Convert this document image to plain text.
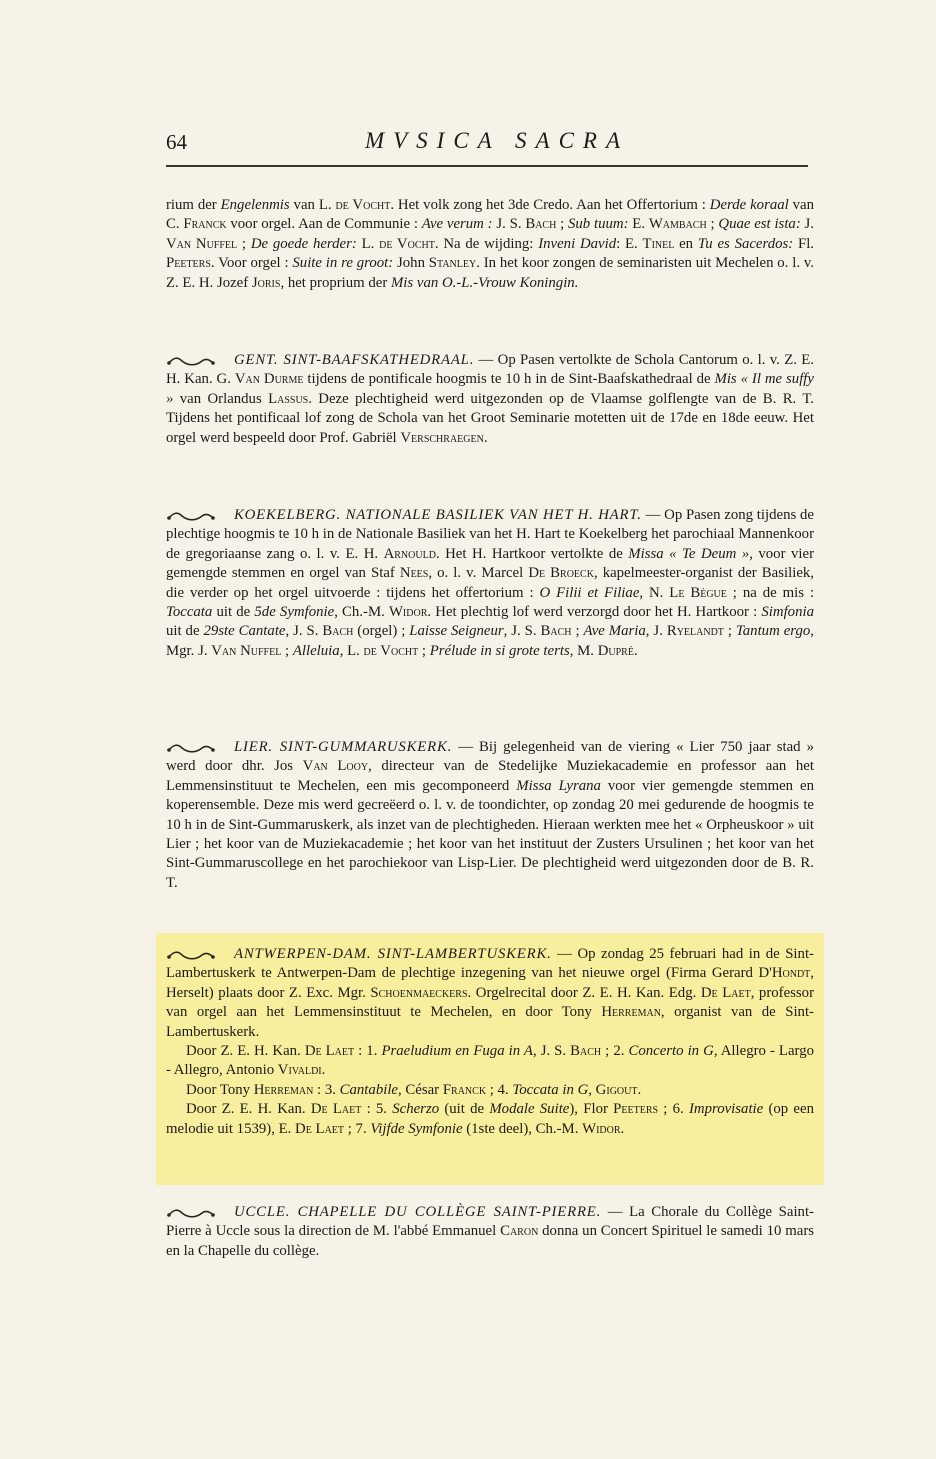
64	MVSICA SACRA

rium der Engelenmis van L. de Vocht. Het volk zong het 3de Credo. Aan het Offertorium : Derde koraal van C. Franck voor orgel. Aan de Communie : Ave verum : J. S. Bach ; Sub tuum: E. Wambach ; Quae est ista: J. Van Nuffel ; De goede herder: L. de Vocht. Na de wijding: Inveni David: E. Tinel en Tu es Sacerdos: Fl. Peeters. Voor orgel : Suite in re groot: John Stanley. In het koor zongen de seminaristen uit Mechelen o. l. v. Z. E. H. Jozef Joris, het proprium der Mis van O.-L.-Vrouw Koningin.

GENT. SINT-BAAFSKATHEDRAAL. — Op Pasen vertolkte de Schola Cantorum o. l. v. Z. E. H. Kan. G. Van Durme tijdens de pontificale hoogmis te 10 h in de Sint-Baafskathedraal de Mis « Il me suffy » van Orlandus Lassus. Deze plechtigheid werd uitgezonden op de Vlaamse golflengte van de B. R. T. Tijdens het pontificaal lof zong de Schola van het Groot Seminarie motetten uit de 17de en 18de eeuw. Het orgel werd bespeeld door Prof. Gabriël Verschraegen.

KOEKELBERG. NATIONALE BASILIEK VAN HET H. HART. — Op Pasen zong tijdens de plechtige hoogmis te 10 h in de Nationale Basiliek van het H. Hart te Koekelberg het parochiaal Mannenkoor de gregoriaanse zang o. l. v. E. H. Arnould. Het H. Hartkoor vertolkte de Missa « Te Deum », voor vier gemengde stemmen en orgel van Staf Nees, o. l. v. Marcel De Broeck, kapelmeester-organist der Basiliek, die verder op het orgel uitvoerde : tijdens het offertorium : O Filii et Filiae, N. Le Bègue ; na de mis : Toccata uit de 5de Symfonie, Ch.-M. Widor. Het plechtig lof werd verzorgd door het H. Hartkoor : Simfonia uit de 29ste Cantate, J. S. Bach (orgel) ; Laisse Seigneur, J. S. Bach ; Ave Maria, J. Ryelandt ; Tantum ergo, Mgr. J. Van Nuffel ; Alleluia, L. de Vocht ; Prélude in si grote terts, M. Dupré.

LIER. SINT-GUMMARUSKERK. — Bij gelegenheid van de viering « Lier 750 jaar stad » werd door dhr. Jos Van Looy, directeur van de Stedelijke Muziekacademie en professor aan het Lemmensinstituut te Mechelen, een mis gecomponeerd Missa Lyrana voor vier gemengde stemmen en koperensemble. Deze mis werd gecreëerd o. l. v. de toondichter, op zondag 20 mei gedurende de hoogmis te 10 h in de Sint-Gummaruskerk, als inzet van de plechtigheden. Hieraan werkten mee het « Orpheuskoor » uit Lier ; het koor van de Muziekacademie ; het koor van het instituut der Zusters Ursulinen ; het koor van het Sint-Gummaruscollege en het parochiekoor van Lisp-Lier. De plechtigheid werd uitgezonden door de B. R. T.

ANTWERPEN-DAM. SINT-LAMBERTUSKERK. — Op zondag 25 februari had in de Sint-Lambertuskerk te Antwerpen-Dam de plechtige inzegening van het nieuwe orgel (Firma Gerard D'Hondt, Herselt) plaats door Z. Exc. Mgr. Schoenmaeckers. Orgelrecital door Z. E. H. Kan. Edg. De Laet, professor van orgel aan het Lemmensinstituut te Mechelen, en door Tony Herreman, organist van de Sint-Lambertuskerk.

Door Z. E. H. Kan. De Laet : 1. Praeludium en Fuga in A, J. S. Bach ; 2. Concerto in G, Allegro - Largo - Allegro, Antonio Vivaldi.

Door Tony Herreman : 3. Cantabile, César Franck ; 4. Toccata in G, Gigout.

Door Z. E. H. Kan. De Laet : 5. Scherzo (uit de Modale Suite), Flor Peeters ; 6. Improvisatie (op een melodie uit 1539), E. De Laet ; 7. Vijfde Symfonie (1ste deel), Ch.-M. Widor.

UCCLE. CHAPELLE DU COLLÈGE SAINT-PIERRE. — La Chorale du Collège Saint-Pierre à Uccle sous la direction de M. l'abbé Emmanuel Caron donna un Concert Spirituel le samedi 10 mars en la Chapelle du collège.
